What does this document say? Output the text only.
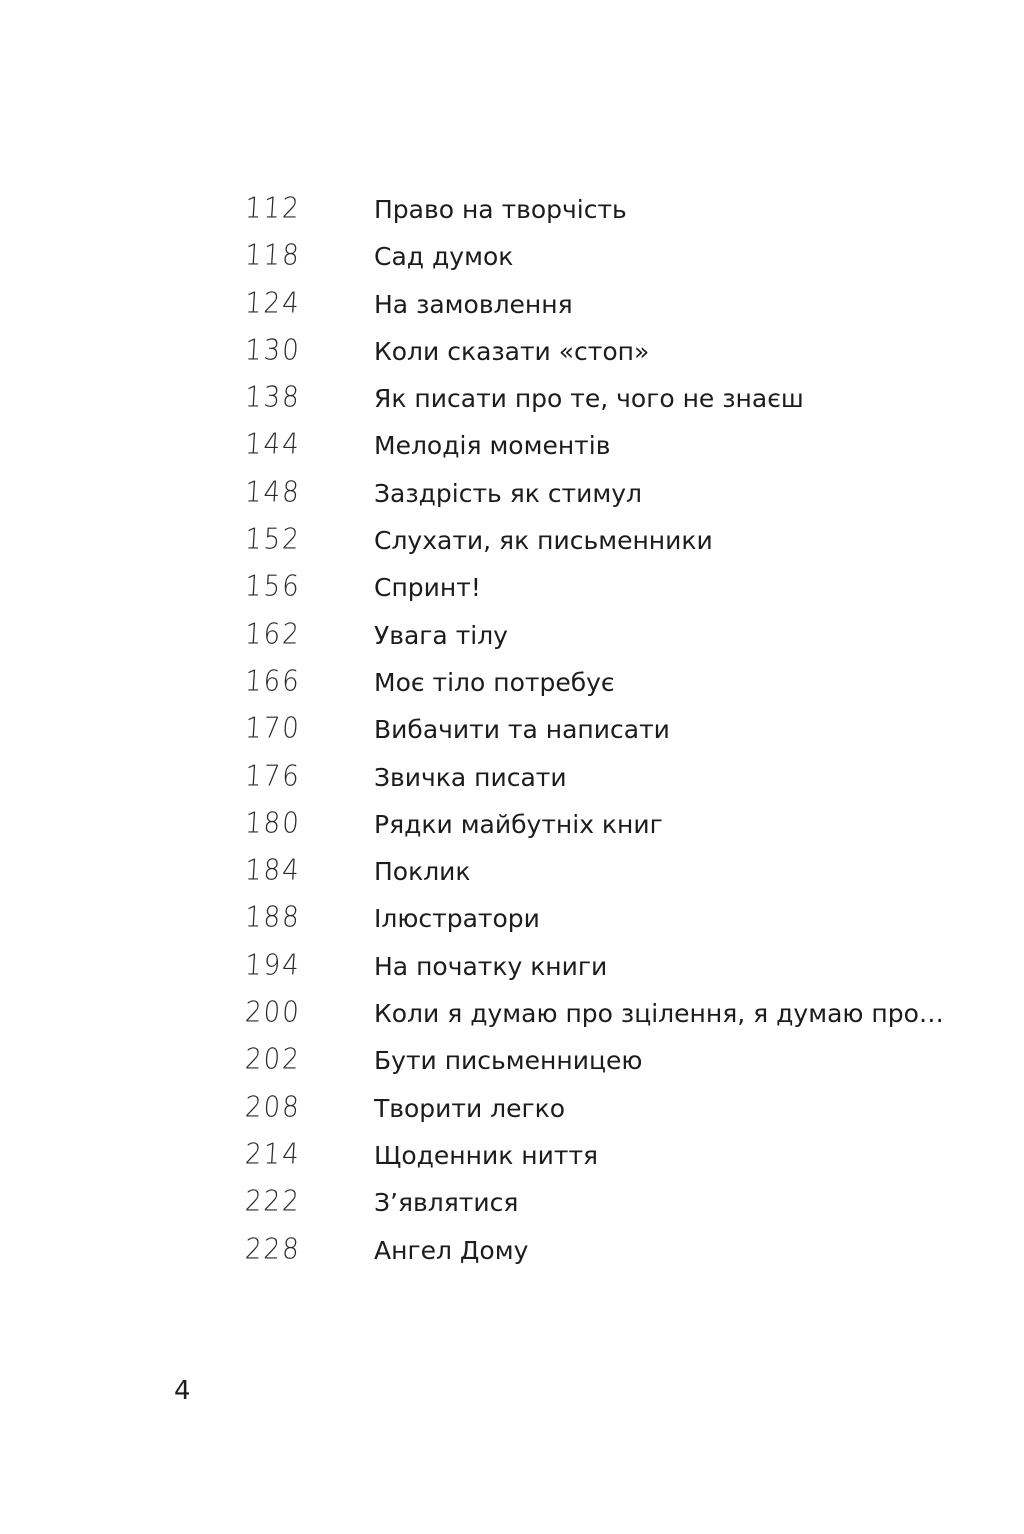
112	Право на творчість
118	Сад думок
124	На замовлення
130	Коли сказати «стоп»
138	Як писати про те, чого не знаєш
144	Мелодія моментів
148	Заздрість як стимул
152	Слухати, як письменники
156	Спринт!
162	Увага тілу
166	Моє тіло потребує
170	Вибачити та написати
176	Звичка писати
180	Рядки майбутніх книг
184	Поклик
188	Ілюстратори
194	На початку книги
200	Коли я думаю про зцілення, я думаю про…
202	Бути письменницею
208	Творити легко
214	Щоденник ниття
222	З’являтися
228	Ангел Дому
4
